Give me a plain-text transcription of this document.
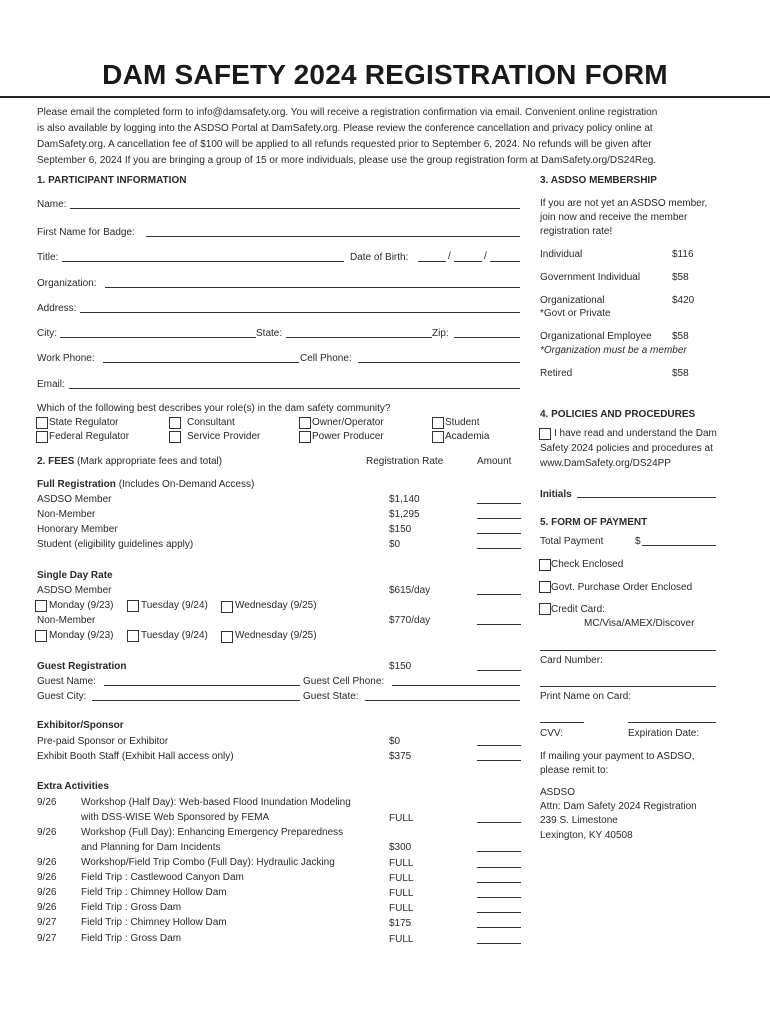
DAM SAFETY 2024 REGISTRATION FORM
Please email the completed form to info@damsafety.org. You will receive a registration confirmation via email. Convenient online registration
is also available by logging into the ASDSO Portal at DamSafety.org. Please review the conference cancellation and privacy policy online at
DamSafety.org. A cancellation fee of $100 will be applied to all refunds requested prior to September 6, 2024. No refunds will be given after
September 6, 2024 If you are bringing a group of 15 or more individuals, please use the group registration form at DamSafety.org/DS24Reg.
1. PARTICIPANT INFORMATION
Name:
First Name for Badge:
Title:	Date of Birth:	/	/
Organization:
Address:
City:	State:	Zip:
Work Phone:	Cell Phone:
Email:
Which of the following best describes your role(s) in the dam safety community?
State Regulator
Federal Regulator
Consultant
Service Provider
Owner/Operator
Power Producer
Student
Academia
2. FEES (Mark appropriate fees and total)	Registration Rate	Amount
Full Registration (Includes On-Demand Access)
ASDSO Member	$1,140
Non-Member	$1,295
Honorary Member	$150
Student (eligibility guidelines apply)	$0
Single Day Rate
ASDSO Member	$615/day
Monday (9/23)	Tuesday (9/24)	Wednesday (9/25)
Non-Member	$770/day
Monday (9/23)	Tuesday (9/24)	Wednesday (9/25)
Guest Registration	$150
Guest Name:	Guest Cell Phone:
Guest City:	Guest State:
Exhibitor/Sponsor
Pre-paid Sponsor or Exhibitor	$0
Exhibit Booth Staff (Exhibit Hall access only)	$375
Extra Activities
9/26 Workshop (Half Day): Web-based Flood Inundation Modeling
with DSS-WISE Web Sponsored by FEMA	FULL
9/26 Workshop (Full Day): Enhancing Emergency Preparedness
and Planning for Dam Incidents	$300
9/26 Workshop/Field Trip Combo (Full Day): Hydraulic Jacking	FULL
9/26 Field Trip : Castlewood Canyon Dam	FULL
9/26 Field Trip : Chimney Hollow Dam	FULL
9/26 Field Trip : Gross Dam	FULL
9/27 Field Trip : Chimney Hollow Dam	$175
9/27 Field Trip : Gross Dam	FULL
3. ASDSO MEMBERSHIP
If you are not yet an ASDSO member,
join now and receive the member
registration rate!
Individual	$116
Government Individual	$58
Organizational	$420
*Govt or Private
Organizational Employee $58
*Organization must be a member
Retired	$58
4. POLICIES AND PROCEDURES
I have read and understand the Dam
Safety 2024 policies and procedures at
www.DamSafety.org/DS24PP
Initials
5. FORM OF PAYMENT
Total Payment	$
Check Enclosed
Govt. Purchase Order Enclosed
Credit Card:
MC/Visa/AMEX/Discover
Card Number:
Print Name on Card:
CVV:	Expiration Date:
If mailing your payment to ASDSO,
please remit to:
ASDSO
Attn: Dam Safety 2024 Registration
239 S. Limestone
Lexington, KY 40508
